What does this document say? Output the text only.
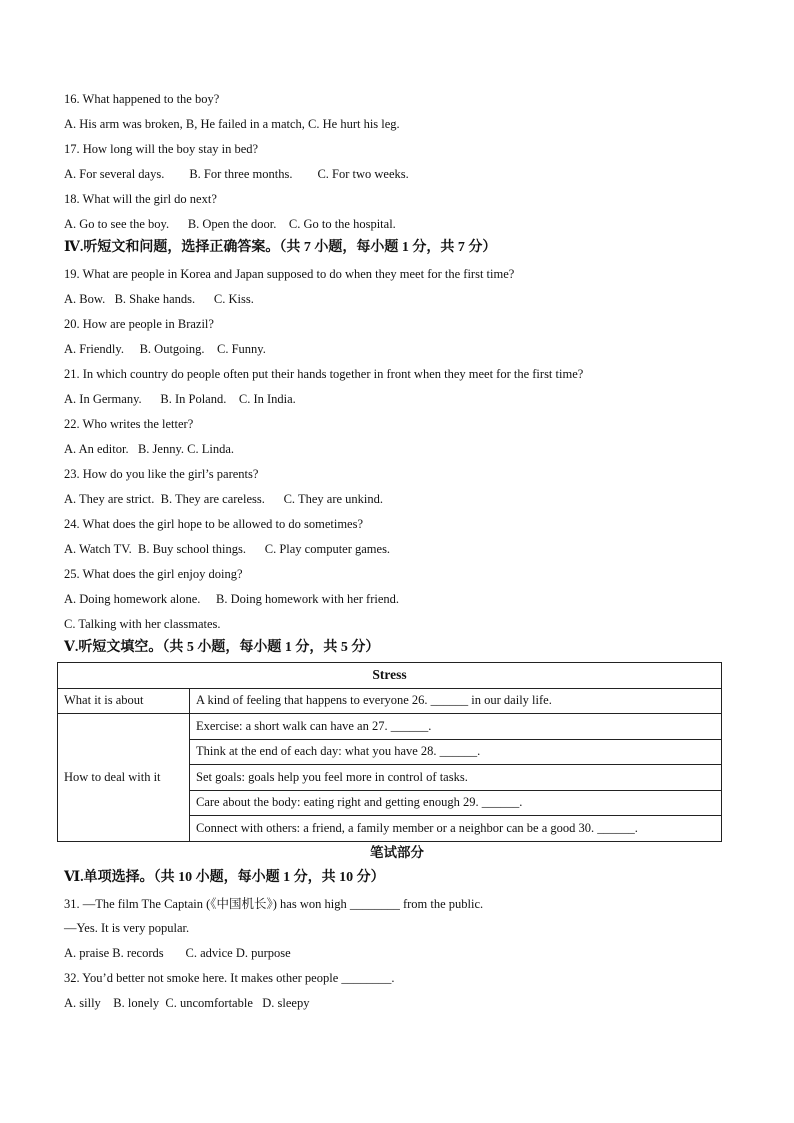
16. What happened to the boy?
A. His arm was broken, B, He failed in a match, C. He hurt his leg.
17. How long will the boy stay in bed?
A. For several days.        B. For three months.        C. For two weeks.
18. What will the girl do next?
A. Go to see the boy.      B. Open the door.    C. Go to the hospital.
Ⅳ.听短文和问题，选择正确答案。（共 7 小题，每小题 1 分，共 7 分）
19. What are people in Korea and Japan supposed to do when they meet for the first time?
A. Bow.   B. Shake hands.      C. Kiss.
20. How are people in Brazil?
A. Friendly.     B. Outgoing.    C. Funny.
21. In which country do people often put their hands together in front when they meet for the first time?
A. In Germany.      B. In Poland.    C. In India.
22. Who writes the letter?
A. An editor.   B. Jenny. C. Linda.
23. How do you like the girl’s parents?
A. They are strict.  B. They are careless.      C. They are unkind.
24. What does the girl hope to be allowed to do sometimes?
A. Watch TV.  B. Buy school things.      C. Play computer games.
25. What does the girl enjoy doing?
A. Doing homework alone.     B. Doing homework with her friend.
C. Talking with her classmates.
Ⅴ.听短文填空。（共 5 小题，每小题 1 分，共 5 分）
Stress	
What it is about	A kind of feeling that happens to everyone 26. ______ in our daily life.
How to deal with it	Exercise: a short walk can have an 27. ______.
	Think at the end of each day: what you have 28. ______.
	Set goals: goals help you feel more in control of tasks.
	Care about the body: eating right and getting enough 29. ______.
	Connect with others: a friend, a family member or a neighbor can be a good 30. ______.
笔试部分
Ⅵ.单项选择。（共 10 小题，每小题 1 分，共 10 分）
31. —The film The Captain (《中国机长》) has won high ________ from the public.
—Yes. It is very popular.
A. praise B. records       C. advice D. purpose
32. You’d better not smoke here. It makes other people ________.
A. silly    B. lonely  C. uncomfortable   D. sleepy
